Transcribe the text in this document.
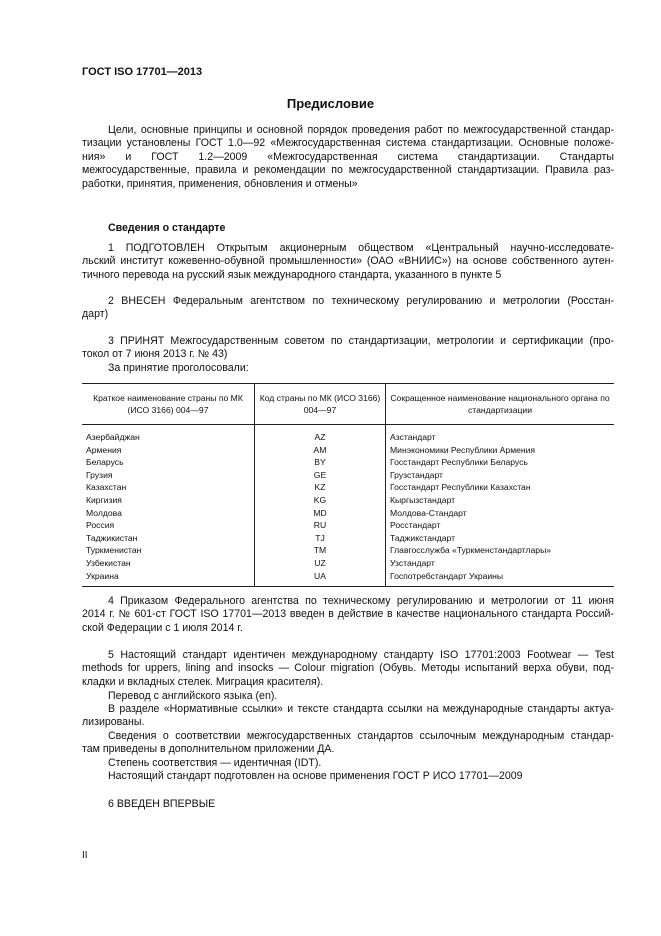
ГОСТ ISO 17701—2013
Предисловие
Цели, основные принципы и основной порядок проведения работ по межгосударственной стандар-
тизации установлены ГОСТ 1.0—92 «Межгосударственная система стандартизации. Основные положе-
ния» и ГОСТ 1.2—2009 «Межгосударственная система стандартизации. Стандарты
межгосударственные, правила и рекомендации по межгосударственной стандартизации. Правила раз-
работки, принятия, применения, обновления и отмены»
Сведения о стандарте
1 ПОДГОТОВЛЕН Открытым акционерным обществом «Центральный научно-исследовате-
льский институт кожевенно-обувной промышленности» (ОАО «ВНИИС») на основе собственного аутен-
тичного перевода на русский язык международного стандарта, указанного в пункте 5
2 ВНЕСЕН Федеральным агентством по техническому регулированию и метрологии (Росстан-
дарт)
3 ПРИНЯТ Межгосударственным советом по стандартизации, метрологии и сертификации (про-
токол от 7 июня 2013 г. № 43)
За принятие проголосовали:
Краткое наименование страны по МК (ИСО 3166) 004—97	Код страны по МК (ИСО 3166) 004—97	Сокращенное наименование национального органа по стандартизации
Азербайджан	AZ	Азстандарт
Армения	AM	Минэкономики Республики Армения
Беларусь	BY	Госстандарт Республики Беларусь
Грузия	GE	Грузстандарт
Казахстан	KZ	Госстандарт Республики Казахстан
Киргизия	KG	Кыргызстандарт
Молдова	MD	Молдова-Стандарт
Россия	RU	Росстандарт
Таджикистан	TJ	Таджикстандарт
Туркменистан	TM	Главгосслужба «Туркменстандартлары»
Узбекистан	UZ	Узстандарт
Украина	UA	Госпотребстандарт Украины
4 Приказом Федерального агентства по техническому регулированию и метрологии от 11 июня
2014 г. № 601-ст ГОСТ ISO 17701—2013 введен в действие в качестве национального стандарта Россий-
ской Федерации с 1 июля 2014 г.
5 Настоящий стандарт идентичен международному стандарту ISO 17701:2003 Footwear — Test
methods for uppers, lining and insocks — Colour migration (Обувь. Методы испытаний верха обуви, под-
кладки и вкладных стелек. Миграция красителя).
Перевод с английского языка (en).
В разделе «Нормативные ссылки» и тексте стандарта ссылки на международные стандарты актуа-
лизированы.
Сведения о соответствии межгосударственных стандартов ссылочным международным стандар-
там приведены в дополнительном приложении ДА.
Степень соответствия — идентичная (IDT).
Настоящий стандарт подготовлен на основе применения ГОСТ Р ИСО 17701—2009
6 ВВЕДЕН ВПЕРВЫЕ
II
